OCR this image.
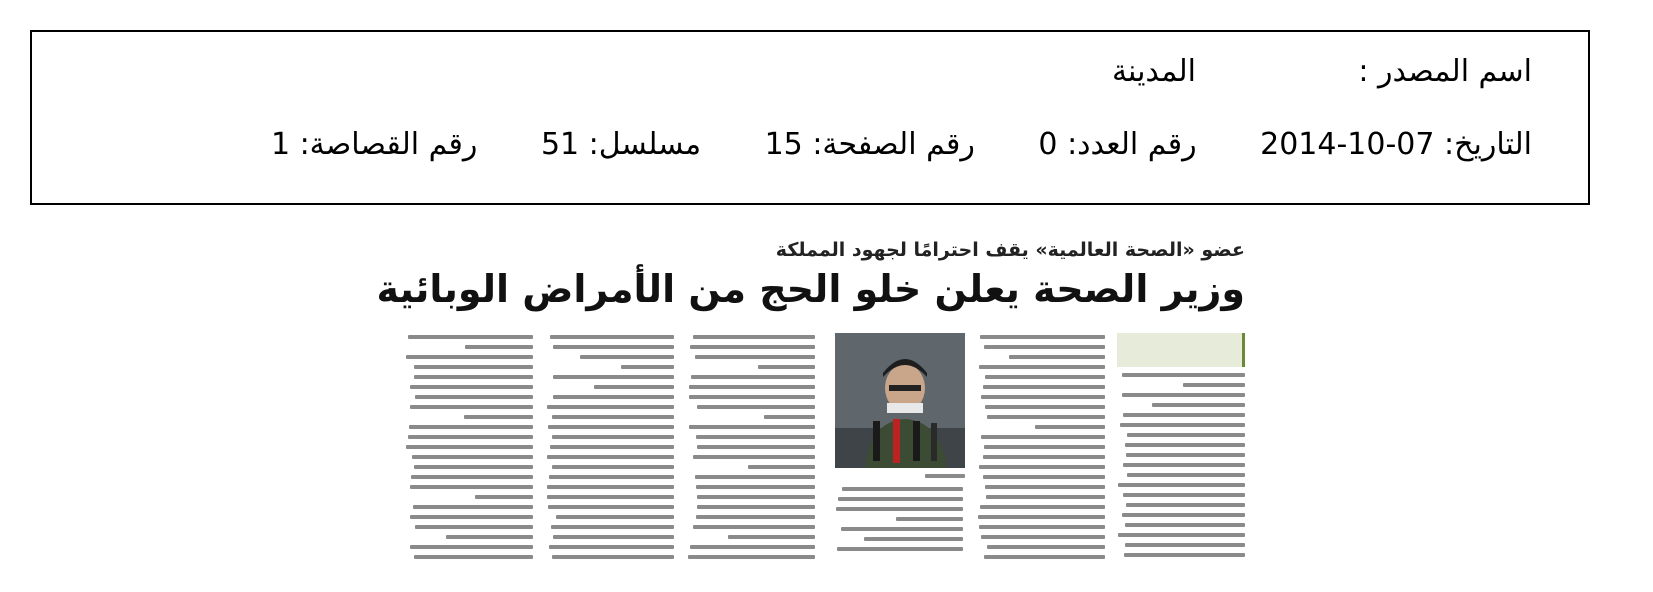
اسم المصدر :
المدينة
التاريخ: 2014-10-07 رقم العدد: 0 رقم الصفحة: 15 مسلسل: 51 رقم القصاصة: 1
عضو «الصحة العالمية» يقف احترامًا لجهود المملكة
وزير الصحة يعلن خلو الحج من الأمراض الوبائية
